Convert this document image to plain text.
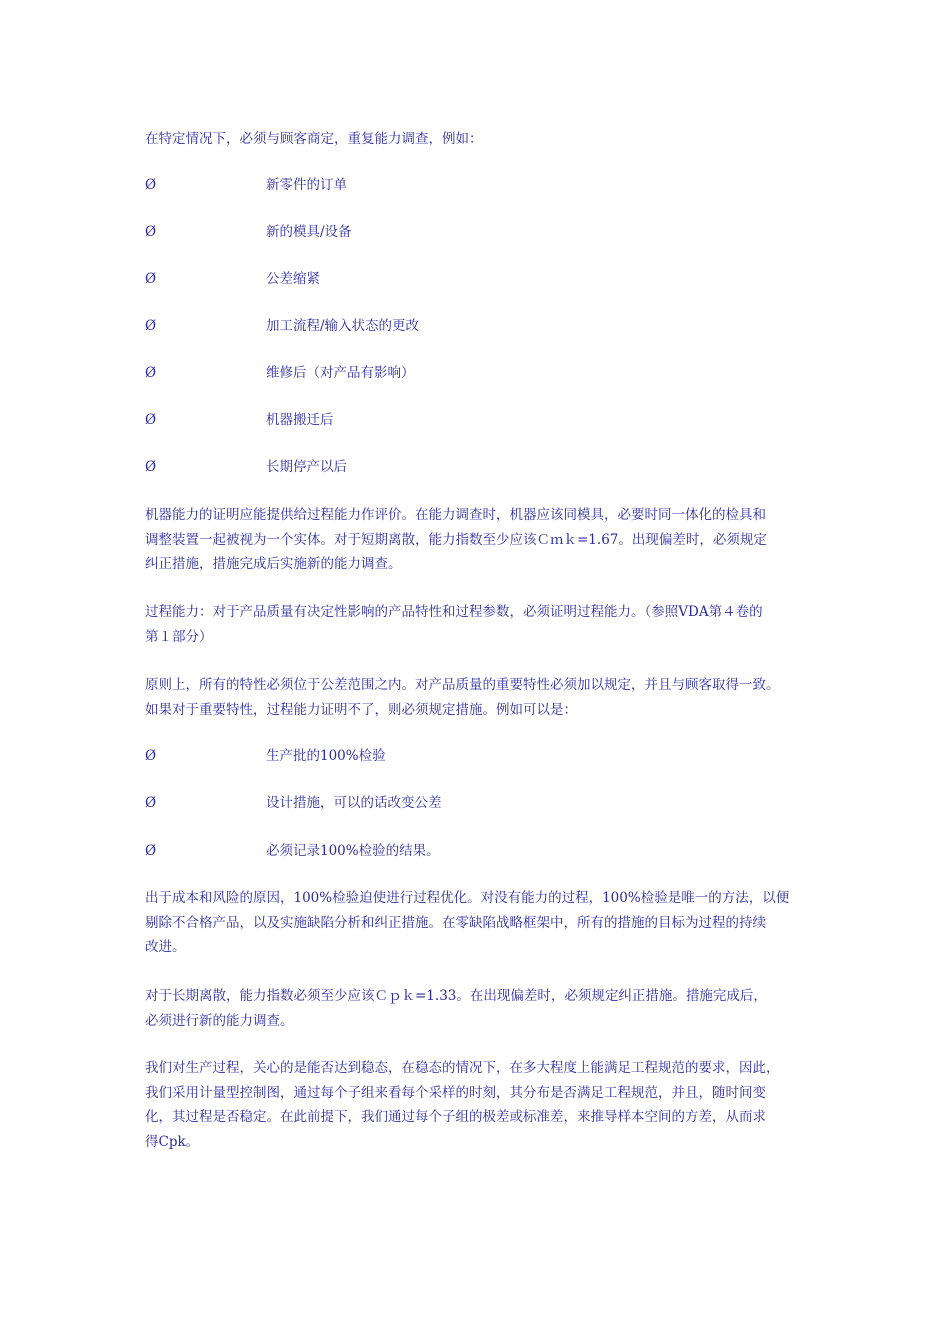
在特定情况下，必须与顾客商定，重复能力调查，例如：

Ø	新零件的订单
Ø	新的模具/设备
Ø	公差缩紧
Ø	加工流程/输入状态的更改
Ø	维修后（对产品有影响）
Ø	机器搬迁后
Ø	长期停产以后
机器能力的证明应能提供给过程能力作评价。在能力调查时，机器应该同模具，必要时同一体化的检具和
调整装置一起被视为一个实体。对于短期离散，能力指数至少应该Ｃｍｋ=1.67。出现偏差时，必须规定
纠正措施，措施完成后实施新的能力调查。
过程能力：对于产品质量有决定性影响的产品特性和过程参数，必须证明过程能力。（参照VDA第４卷的
第１部分）
原则上，所有的特性必须位于公差范围之内。对产品质量的重要特性必须加以规定，并且与顾客取得一致。
如果对于重要特性，过程能力证明不了，则必须规定措施。例如可以是：
Ø	生产批的100%检验
Ø	设计措施，可以的话改变公差
Ø	必须记录100%检验的结果。
出于成本和风险的原因，100%检验迫使进行过程优化。对没有能力的过程，100%检验是唯一的方法，以便
剔除不合格产品，以及实施缺陷分析和纠正措施。在零缺陷战略框架中，所有的措施的目标为过程的持续
改进。
对于长期离散，能力指数必须至少应该Ｃｐｋ=1.33。在出现偏差时，必须规定纠正措施。措施完成后，
必须进行新的能力调查。
我们对生产过程，关心的是能否达到稳态，在稳态的情况下，在多大程度上能满足工程规范的要求，因此，
我们采用计量型控制图，通过每个子组来看每个采样的时刻，其分布是否满足工程规范，并且，随时间变
化，其过程是否稳定。在此前提下，我们通过每个子组的极差或标准差，来推导样本空间的方差，从而求
得Cpk。
